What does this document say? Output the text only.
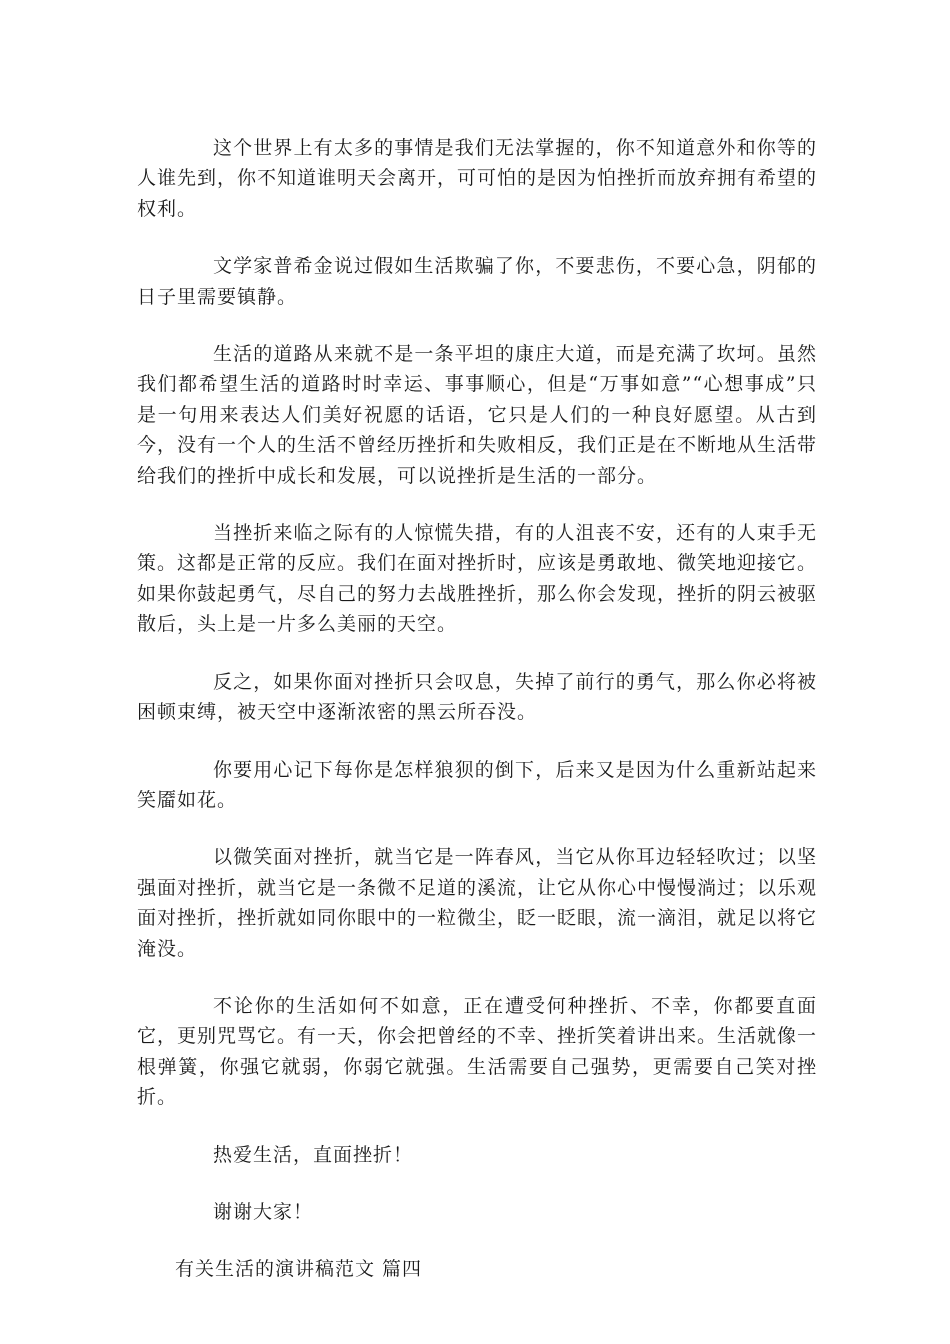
这个世界上有太多的事情是我们无法掌握的，你不知道意外和你等的人谁先到，你不知道谁明天会离开，可可怕的是因为怕挫折而放弃拥有希望的权利。

文学家普希金说过假如生活欺骗了你，不要悲伤，不要心急，阴郁的日子里需要镇静。

生活的道路从来就不是一条平坦的康庄大道，而是充满了坎坷。虽然我们都希望生活的道路时时幸运、事事顺心，但是“万事如意”“心想事成”只是一句用来表达人们美好祝愿的话语，它只是人们的一种良好愿望。从古到今，没有一个人的生活不曾经历挫折和失败相反，我们正是在不断地从生活带给我们的挫折中成长和发展，可以说挫折是生活的一部分。

当挫折来临之际有的人惊慌失措，有的人沮丧不安，还有的人束手无策。这都是正常的反应。我们在面对挫折时，应该是勇敢地、微笑地迎接它。如果你鼓起勇气，尽自己的努力去战胜挫折，那么你会发现，挫折的阴云被驱散后，头上是一片多么美丽的天空。

反之，如果你面对挫折只会叹息，失掉了前行的勇气，那么你必将被困顿束缚，被天空中逐渐浓密的黑云所吞没。

你要用心记下每你是怎样狼狈的倒下，后来又是因为什么重新站起来笑靥如花。

以微笑面对挫折，就当它是一阵春风，当它从你耳边轻轻吹过；以坚强面对挫折，就当它是一条微不足道的溪流，让它从你心中慢慢淌过；以乐观面对挫折，挫折就如同你眼中的一粒微尘，眨一眨眼，流一滴泪，就足以将它淹没。

不论你的生活如何不如意，正在遭受何种挫折、不幸，你都要直面它，更别咒骂它。有一天，你会把曾经的不幸、挫折笑着讲出来。生活就像一根弹簧，你强它就弱，你弱它就强。生活需要自己强势，更需要自己笑对挫折。

热爱生活，直面挫折！

谢谢大家！

有关生活的演讲稿范文 篇四
